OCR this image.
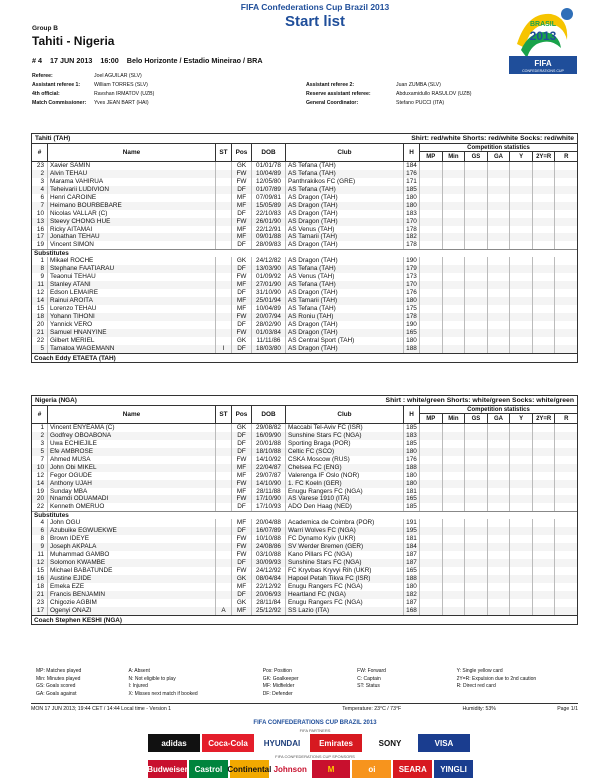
FIFA Confederations Cup Brazil 2013
Start list
Group B
Tahiti - Nigeria
# 4 17 JUN 2013 16:00 Belo Horizonte / Estadio Mineirao / BRA
BRASIL
2013
FIFA
CONFEDERATIONS CUP
Referee:	Joel AGUILAR (SLV)
Assistant referee 1:	William TORRES (SLV)
4th official:	Ravshan IRMATOV (UZB)
Match Commissioner:	Yves JEAN BART (HAI)
Assistant referee 2:	Juan ZUMBA (SLV)
Reserve assistant referee:	Abduxamidullo RASULOV (UZB)
General Coordinator:	Stefano PUCCI (ITA)
Tahiti (TAH)	Shirt: red/white Shorts: red/white Socks: red/white
#	Name	ST	Pos	DOB	Club	H
Competition statistics
MP	Min	GS	GA	Y	2Y=R	R
23 Xavier SAMIN	GK	01/01/78	AS Tefana (TAH)	184
2 Alvin TEHAU	FW	10/04/89	AS Tefana (TAH)	176
3 Marama VAHIRUA	FW	12/05/80	Panthrakikos FC (GRE)	171
4 Teheivarii LUDIVION	DF	01/07/89	AS Tefana (TAH)	185
6 Henri CAROINE	MF	07/09/81	AS Dragon (TAH)	180
7 Heimano BOURBEBARE	MF	15/05/89	AS Dragon (TAH)	180
10 Nicolas VALLAR (C)	DF	22/10/83	AS Dragon (TAH)	183
13 Steevy CHONG HUE	FW	26/01/90	AS Dragon (TAH)	170
16 Ricky AITAMAI	MF	22/12/91	AS Venus (TAH)	178
17 Jonathan TEHAU	MF	09/01/88	AS Tamarii (TAH)	182
19 Vincent SIMON	DF	28/09/83	AS Dragon (TAH)	178
Substitutes
1 Mikael ROCHE	GK	24/12/82	AS Dragon (TAH)	190
8 Stephane FAATIARAU	DF	13/03/90	AS Tefana (TAH)	179
9 Teaonui TEHAU	FW	01/09/92	AS Venus (TAH)	173
11 Stanley ATANI	MF	27/01/90	AS Tefana (TAH)	170
12 Edson LEMAIRE	DF	31/10/90	AS Dragon (TAH)	176
14 Rainui AROITA	MF	25/01/94	AS Tamarii (TAH)	180
15 Lorenzo TEHAU	MF	10/04/89	AS Tefana (TAH)	175
18 Yohann TIHONI	FW	20/07/94	AS Roniu (TAH)	178
20 Yannick VERO	DF	28/02/90	AS Dragon (TAH)	190
21 Samuel HNANYINE	FW	01/03/84	AS Dragon (TAH)	165
22 Gilbert MERIEL	GK	11/11/86	AS Central Sport (TAH)	180
5 Tamatoa WAGEMANN	I	DF	18/03/80	AS Dragon (TAH)	188
Coach Eddy ETAETA (TAH)
Nigeria (NGA)	Shirt : white/green Shorts: white/green Socks: white/green
#	Name	ST	Pos	DOB	Club	H
Competition statistics
MP	Min	GS	GA	Y	2Y=R	R
1 Vincent ENYEAMA (C)	GK	29/08/82	Maccabi Tel-Aviv FC (ISR)	185
2 Godfrey OBOABONA	DF	16/09/90	Sunshine Stars FC (NGA)	183
3 Uwa ECHIEJILE	DF	20/01/88	Sporting Braga (POR)	185
5 Efe AMBROSE	DF	18/10/88	Celtic FC (SCO)	180
7 Ahmed MUSA	FW	14/10/92	CSKA Moscow (RUS)	176
10 John Obi MIKEL	MF	22/04/87	Chelsea FC (ENG)	188
12 Fegor OGUDE	MF	29/07/87	Valerenga IF Oslo (NOR)	180
14 Anthony UJAH	FW	14/10/90	1. FC Koeln (GER)	180
19 Sunday MBA	MF	28/11/88	Enugu Rangers FC (NGA)	181
20 Nnamdi ODUAMADI	FW	17/10/90	AS Varese 1910 (ITA)	165
22 Kenneth OMERUO	DF	17/10/93	ADO Den Haag (NED)	185
Substitutes
4 John OGU	MF	20/04/88	Academica de Coimbra (POR)	191
6 Azubuike EGWUEKWE	DF	16/07/89	Warri Wolves FC (NGA)	195
8 Brown IDEYE	FW	10/10/88	FC Dynamo Kyiv (UKR)	181
9 Joseph AKPALA	FW	24/08/86	SV Werder Bremen (GER)	184
11 Muhammad GAMBO	FW	03/10/88	Kano Pillars FC (NGA)	187
12 Solomon KWAMBE	DF	30/09/93	Sunshine Stars FC (NGA)	187
15 Michael BABATUNDE	FW	24/12/92	FC Kryvbas Kryvyi Rih (UKR)	165
16 Austine EJIDE	GK	08/04/84	Hapoel Petah Tikva FC (ISR)	188
18 Emeka EZE	MF	22/12/92	Enugu Rangers FC (NGA)	180
21 Francis BENJAMIN	DF	20/06/93	Heartland FC (NGA)	182
23 Chigozie AGBIM	GK	28/11/84	Enugu Rangers FC (NGA)	187
17 Ogenyi ONAZI	A	MF	25/12/92	SS Lazio (ITA)	168
Coach Stephen KESHI (NGA)
MP: Matches played	A: Absent	Pos: Position	FW: Forward	Y: Single yellow card
Min: Minutes played	N: Not eligible to play	GK: Goalkeeper	C: Captain	2Y=R: Expulsion due to 2nd caution
GS: Goals scored	I: Injured	MF: Midfielder	ST: Status	R: Direct red card
GA: Goals against	X: Misses next match if booked	DF: Defender
MON 17 JUN 2013; 19:44 CET / 14:44 Local time - Version 1	Temperature: 23°C / 73°F	Humidity: 53%	Page 1/1
FIFA CONFEDERATIONS CUP BRAZIL 2013
FIFA PARTNERS
adidas	Coca-Cola	HYUNDAI	Emirates	SONY	VISA
FIFA CONFEDERATIONS CUP SPONSORS
Budweiser Castrol Continental Johnson	M	oi	SEARA	YINGLI
